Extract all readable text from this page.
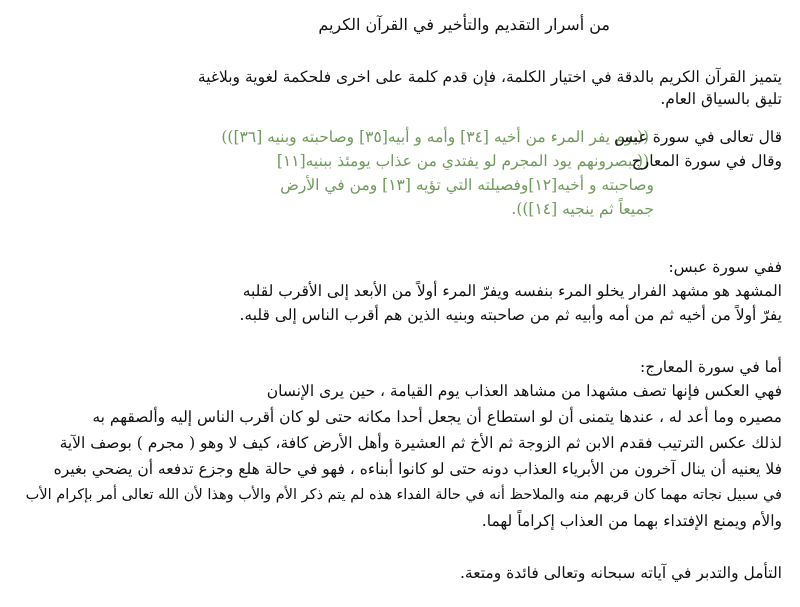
من أسرار التقديم والتأخير في القرآن الكريم
يتميز القرآن الكريم بالدقة في اختيار الكلمة، فإن قدم كلمة على اخرى فلحكمة لغوية وبلاغية
تليق بالسياق العام.
قال تعالى في سورة عبس ((يوم يفر المرء من أخيه [٣٤] وأمه و أبيه[٣٥] وصاحبته وبنيه [٣٦]))
وقال في سورة المعارج ((يبصرونهم يود المجرم لو يفتدي من عذاب يومئذ ببنيه[١١]
وصاحبته و أخيه[١٢]وفصيلته التي تؤيه [١٣] ومن في الأرض
جميعاً ثم ينجيه [١٤])).
ففي سورة عبس:
المشهد هو مشهد الفرار يخلو المرء بنفسه ويفرّ المرء أولاً من الأبعد إلى الأقرب لقلبه
يفرّ أولاً من أخيه ثم من أمه وأبيه ثم من صاحبته وبنيه الذين هم أقرب الناس إلى قلبه.
أما في سورة المعارج:
فهي العكس فإنها تصف مشهدا من مشاهد العذاب يوم القيامة ، حين يرى الإنسان
مصيره وما أعد له ، عندها يتمنى أن لو استطاع أن يجعل أحدا مكانه حتى لو كان أقرب الناس إليه وألصقهم به
لذلك عكس الترتيب فقدم الابن ثم الزوجة ثم الأخ ثم العشيرة وأهل الأرض كافة، كيف لا وهو ( مجرم ) بوصف الآية
فلا يعنيه أن ينال آخرون من الأبرياء العذاب دونه حتى لو كانوا أبناءه ، فهو في حالة هلع وجزع تدفعه أن يضحي بغيره
في سبيل نجاته مهما كان قربهم منه والملاحظ أنه في حالة الفداء هذه لم يتم ذكر الأم والأب وهذا لأن الله تعالى أمر بإكرام الأب
والأم ويمنع الإفتداء بهما من العذاب إكراماً لهما.
التأمل والتدبر في آياته سبحانه وتعالى فائدة ومتعة.
